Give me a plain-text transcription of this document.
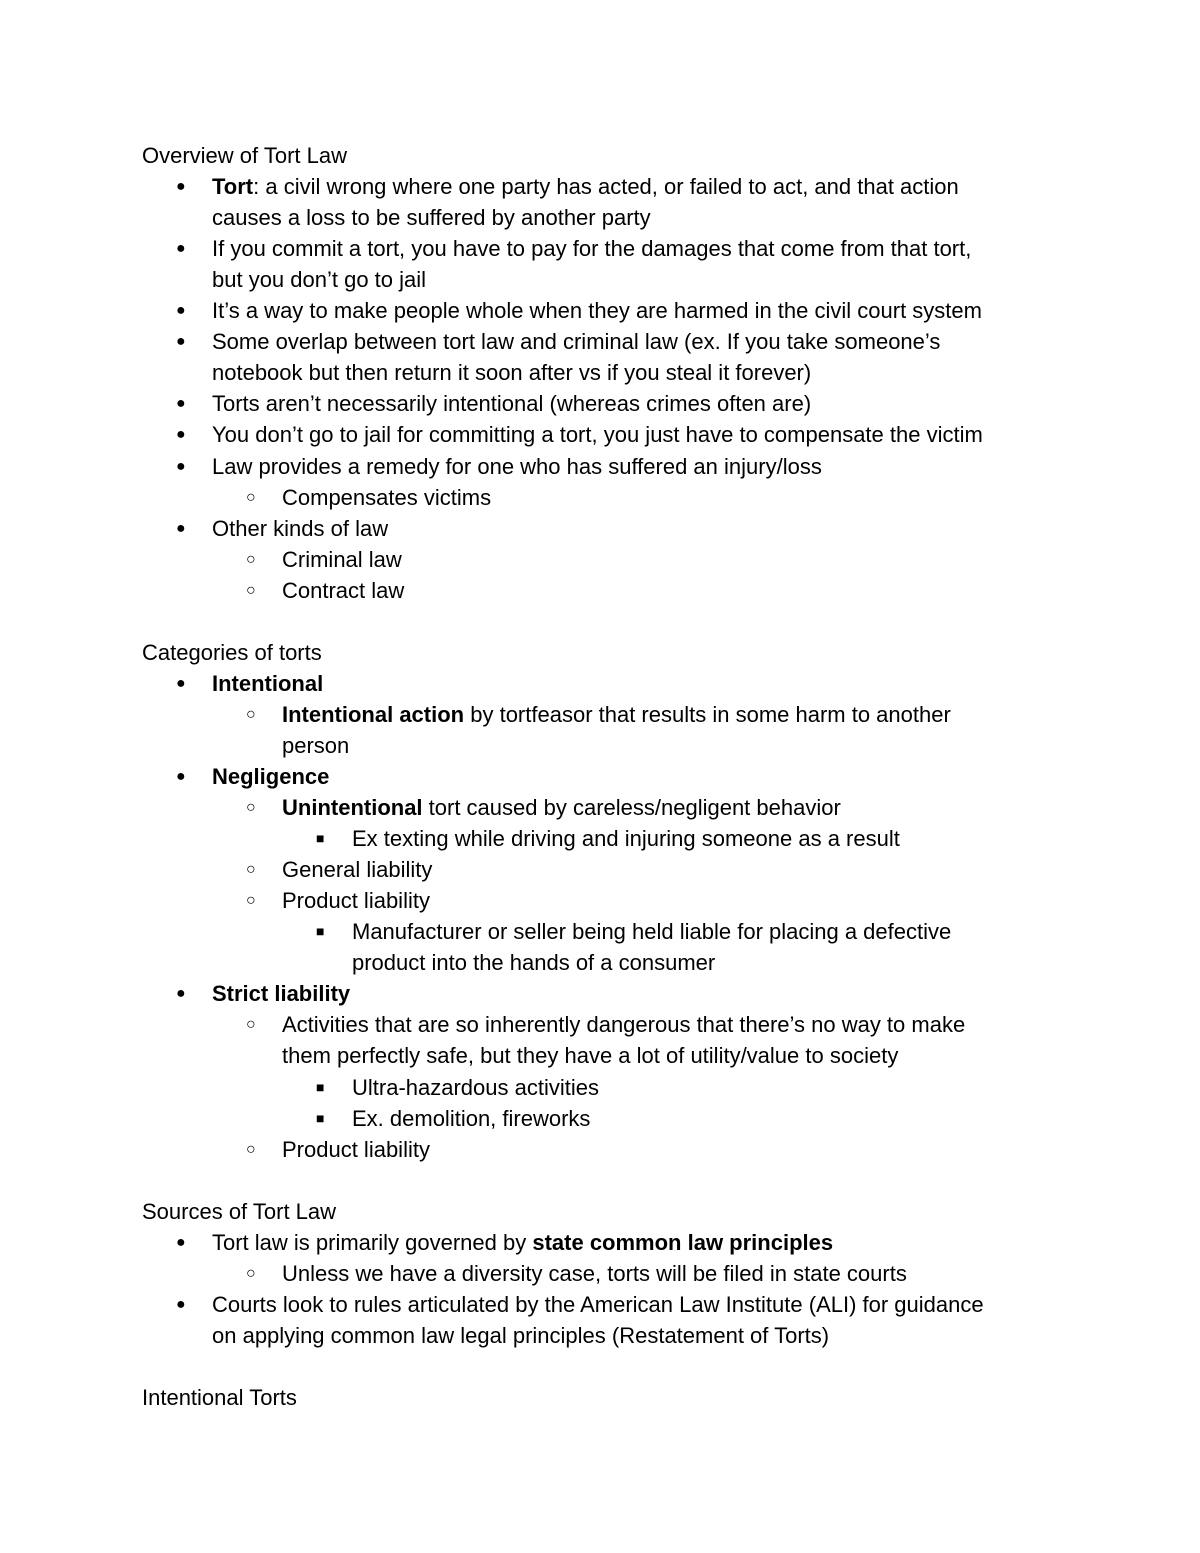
Overview of Tort Law
● Tort: a civil wrong where one party has acted, or failed to act, and that action
causes a loss to be suffered by another party
● If you commit a tort, you have to pay for the damages that come from that tort,
but you don’t go to jail
● It’s a way to make people whole when they are harmed in the civil court system
● Some overlap between tort law and criminal law (ex. If you take someone’s
notebook but then return it soon after vs if you steal it forever)
● Torts aren’t necessarily intentional (whereas crimes often are)
● You don’t go to jail for committing a tort, you just have to compensate the victim
● Law provides a remedy for one who has suffered an injury/loss
○ Compensates victims
● Other kinds of law
○ Criminal law
○ Contract law
Categories of torts
● Intentional
○ Intentional action by tortfeasor that results in some harm to another
person
● Negligence
○ Unintentional tort caused by careless/negligent behavior
■ Ex texting while driving and injuring someone as a result
○ General liability
○ Product liability
■ Manufacturer or seller being held liable for placing a defective
product into the hands of a consumer
● Strict liability
○ Activities that are so inherently dangerous that there’s no way to make
them perfectly safe, but they have a lot of utility/value to society
■ Ultra-hazardous activities
■ Ex. demolition, fireworks
○ Product liability
Sources of Tort Law
● Tort law is primarily governed by state common law principles
○ Unless we have a diversity case, torts will be filed in state courts
● Courts look to rules articulated by the American Law Institute (ALI) for guidance
on applying common law legal principles (Restatement of Torts)
Intentional Torts
